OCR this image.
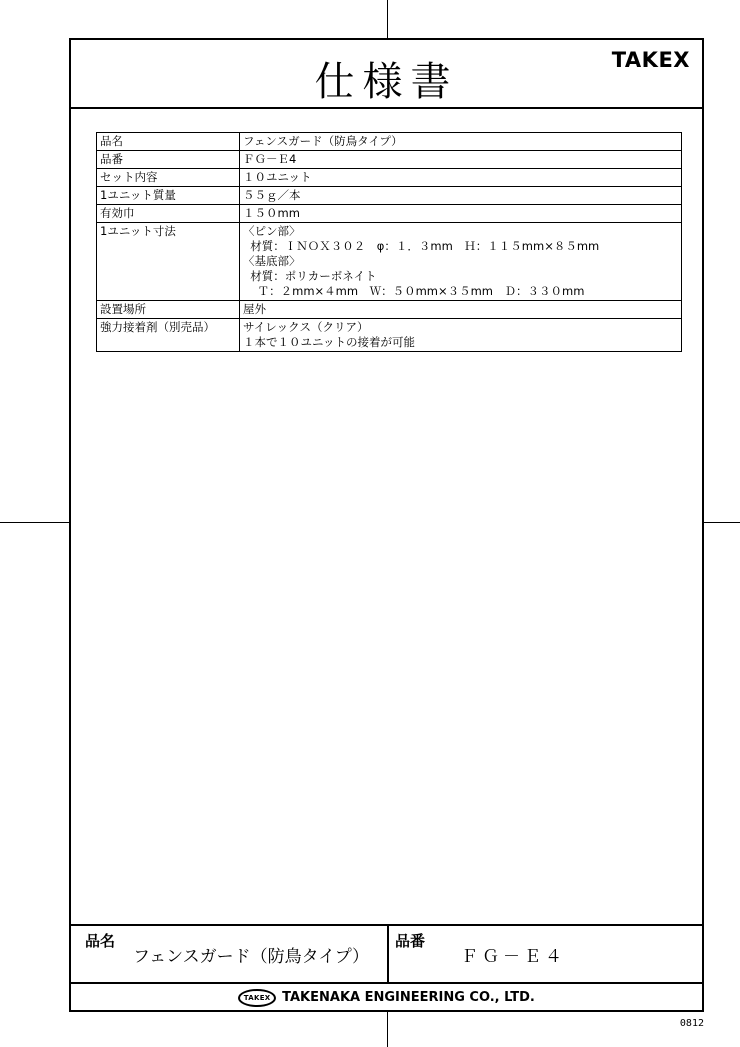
仕様書	TAKEX
品名	フェンスガード（防鳥タイプ）

品番	ＦＧ－Ｅ4

セット内容	１０ユニット

1ユニット質量	５５ｇ／本

有効巾	１５０mm

1ユニット寸法	〈ピン部〉
材質：ＩＮＯＸ３０２　φ：１．３mm　Ｈ：１１５mm×８５mm
〈基底部〉
材質：ポリカーボネイト
Ｔ：２mm×４mm　Ｗ：５０mm×３５mm　Ｄ：３３０mm

設置場所	屋外

強力接着剤（別売品）	サイレックス（クリア）
１本で１０ユニットの接着が可能
品名
フェンスガード（防鳥タイプ）
品番
ＦＧ－Ｅ４
TAKEX TAKENAKA ENGINEERING CO., LTD.
0812
